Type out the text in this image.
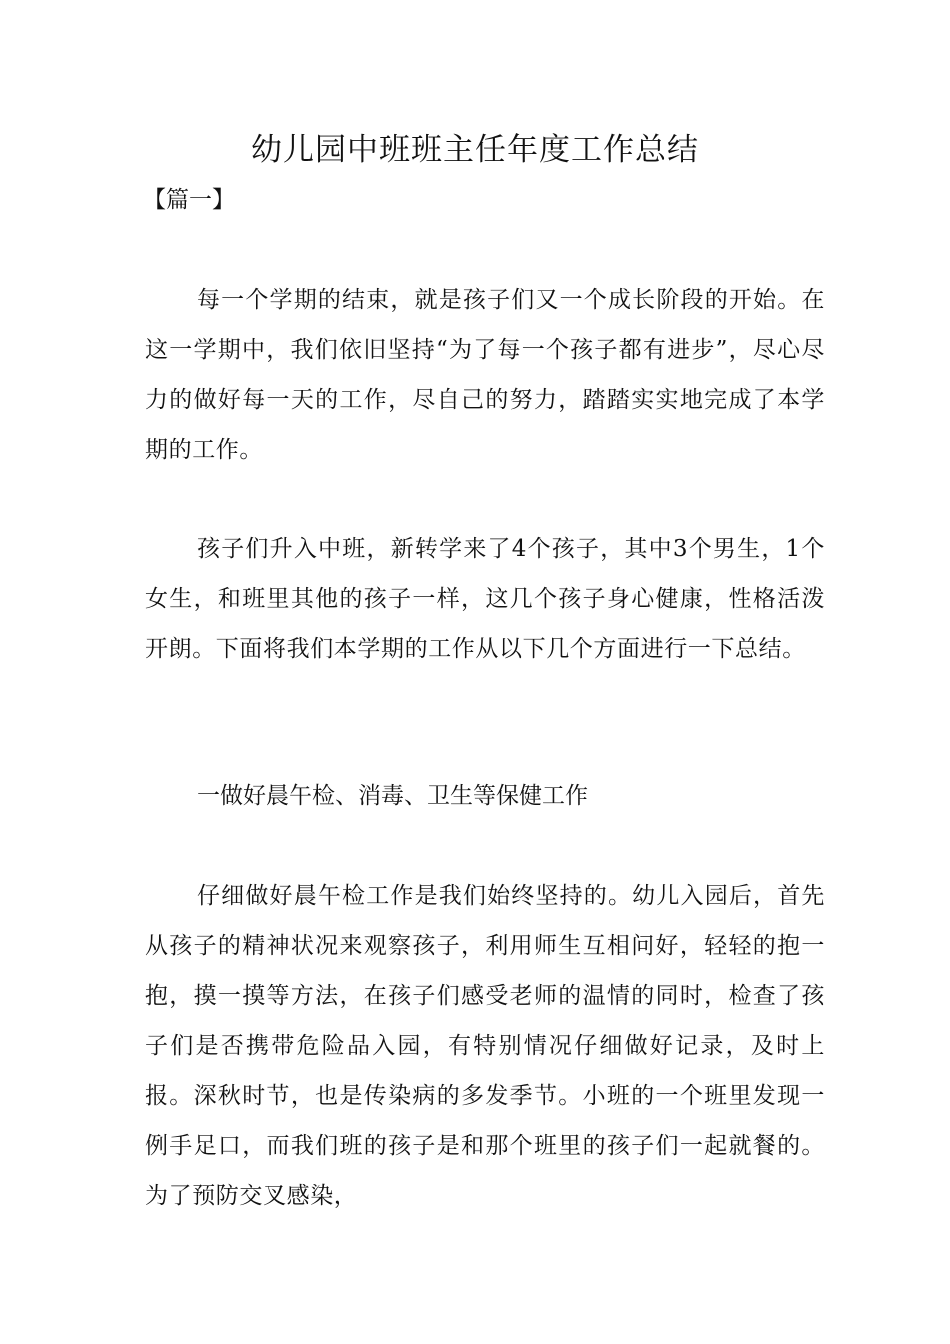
幼儿园中班班主任年度工作总结

【篇一】

每一个学期的结束，就是孩子们又一个成长阶段的开始。在这一学期中，我们依旧坚持“为了每一个孩子都有进步”，尽心尽力的做好每一天的工作，尽自己的努力，踏踏实实地完成了本学期的工作。

孩子们升入中班，新转学来了4个孩子，其中3个男生，1个女生，和班里其他的孩子一样，这几个孩子身心健康，性格活泼开朗。下面将我们本学期的工作从以下几个方面进行一下总结。

一做好晨午检、消毒、卫生等保健工作

仔细做好晨午检工作是我们始终坚持的。幼儿入园后，首先从孩子的精神状况来观察孩子，利用师生互相问好，轻轻的抱一抱，摸一摸等方法，在孩子们感受老师的温情的同时，检查了孩子们是否携带危险品入园，有特别情况仔细做好记录，及时上报。深秋时节，也是传染病的多发季节。小班的一个班里发现一例手足口，而我们班的孩子是和那个班里的孩子们一起就餐的。为了预防交叉感染，
